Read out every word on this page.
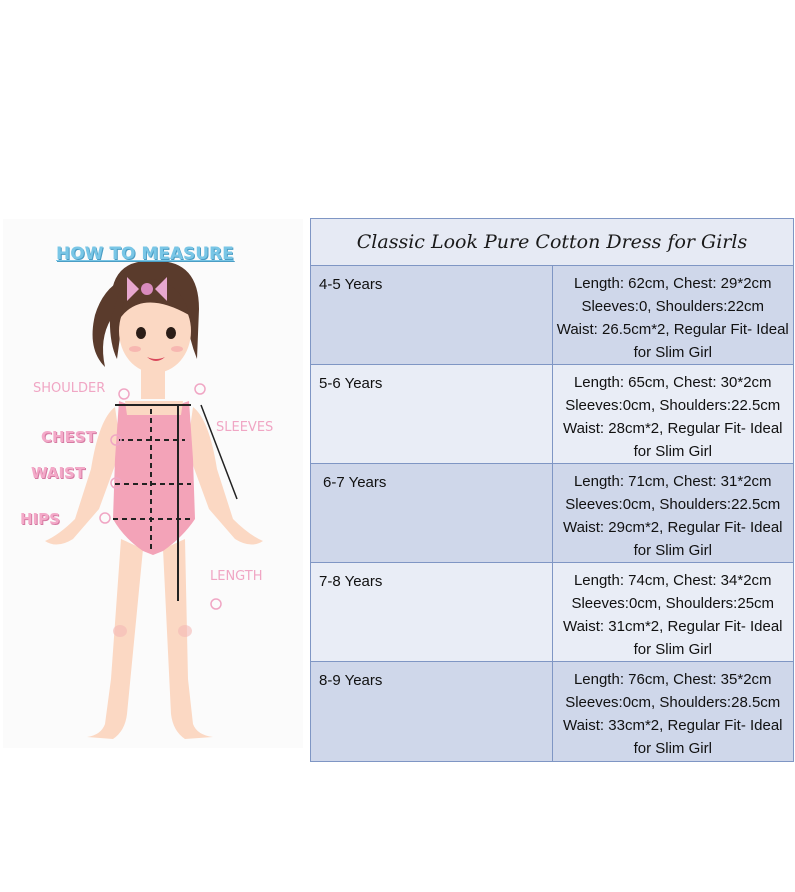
HOW TO MEASURE
SHOULDER
CHEST
WAIST
HIPS
SLEEVES
LENGTH
Classic Look Pure Cotton Dress for Girls	
4-5 Years	Length: 62cm, Chest: 29*2cm
Sleeves:0, Shoulders:22cm
Waist: 26.5cm*2, Regular Fit- Ideal for Slim Girl

5-6 Years	Length: 65cm, Chest: 30*2cm
Sleeves:0cm, Shoulders:22.5cm
Waist: 28cm*2, Regular Fit- Ideal for Slim Girl

6-7 Years	Length: 71cm, Chest: 31*2cm
Sleeves:0cm, Shoulders:22.5cm
Waist: 29cm*2, Regular Fit- Ideal for Slim Girl

7-8 Years	Length: 74cm, Chest: 34*2cm
Sleeves:0cm, Shoulders:25cm
Waist: 31cm*2, Regular Fit- Ideal for Slim Girl

8-9 Years	Length: 76cm, Chest: 35*2cm
Sleeves:0cm, Shoulders:28.5cm
Waist: 33cm*2, Regular Fit- Ideal for Slim Girl
